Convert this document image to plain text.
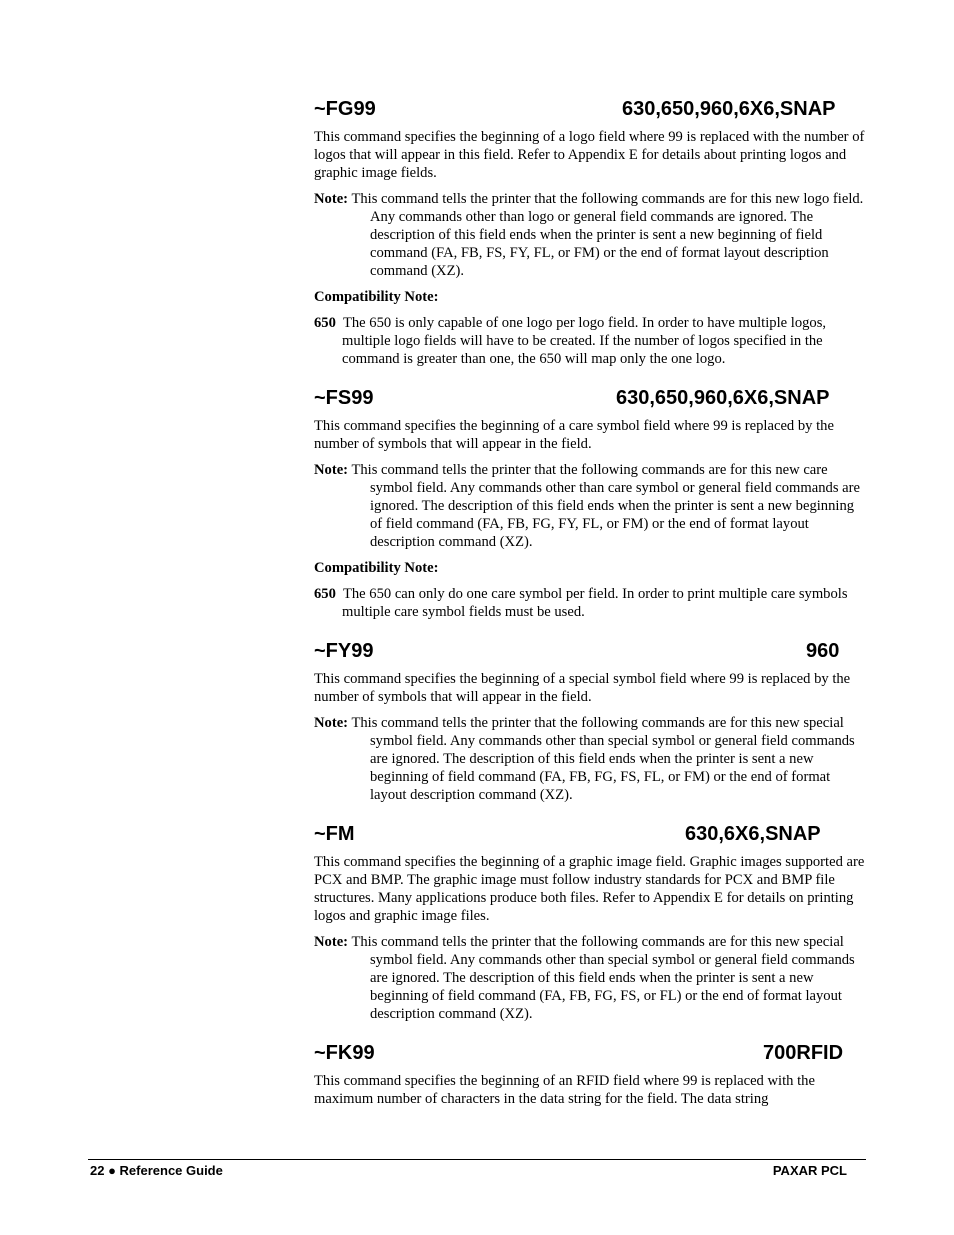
~FG99	630,650,960,6X6,SNAP

This command specifies the beginning of a logo field where 99 is replaced with the number of logos that will appear in this field. Refer to Appendix E for details about printing logos and graphic image fields.

Note: This command tells the printer that the following commands are for this new logo field. Any commands other than logo or general field commands are ignored. The description of this field ends when the printer is sent a new beginning of field command (FA, FB, FS, FY, FL, or FM) or the end of format layout description command (XZ).

Compatibility Note:

650 The 650 is only capable of one logo per logo field. In order to have multiple logos, multiple logo fields will have to be created. If the number of logos specified in the command is greater than one, the 650 will map only the one logo.

~FS99	630,650,960,6X6,SNAP

This command specifies the beginning of a care symbol field where 99 is replaced by the number of symbols that will appear in the field.

Note: This command tells the printer that the following commands are for this new care symbol field. Any commands other than care symbol or general field commands are ignored. The description of this field ends when the printer is sent a new beginning of field command (FA, FB, FG, FY, FL, or FM) or the end of format layout description command (XZ).

Compatibility Note:

650 The 650 can only do one care symbol per field. In order to print multiple care symbols multiple care symbol fields must be used.

~FY99	960

This command specifies the beginning of a special symbol field where 99 is replaced by the number of symbols that will appear in the field.

Note: This command tells the printer that the following commands are for this new special symbol field. Any commands other than special symbol or general field commands are ignored. The description of this field ends when the printer is sent a new beginning of field command (FA, FB, FG, FS, FL, or FM) or the end of format layout description command (XZ).

~FM	630,6X6,SNAP

This command specifies the beginning of a graphic image field. Graphic images supported are PCX and BMP. The graphic image must follow industry standards for PCX and BMP file structures. Many applications produce both files. Refer to Appendix E for details on printing logos and graphic image files.

Note: This command tells the printer that the following commands are for this new special symbol field. Any commands other than special symbol or general field commands are ignored. The description of this field ends when the printer is sent a new beginning of field command (FA, FB, FG, FS, or FL) or the end of format layout description command (XZ).

~FK99	700RFID

This command specifies the beginning of an RFID field where 99 is replaced with the maximum number of characters in the data string for the field. The data string

22 ● Reference Guide	PAXAR PCL
